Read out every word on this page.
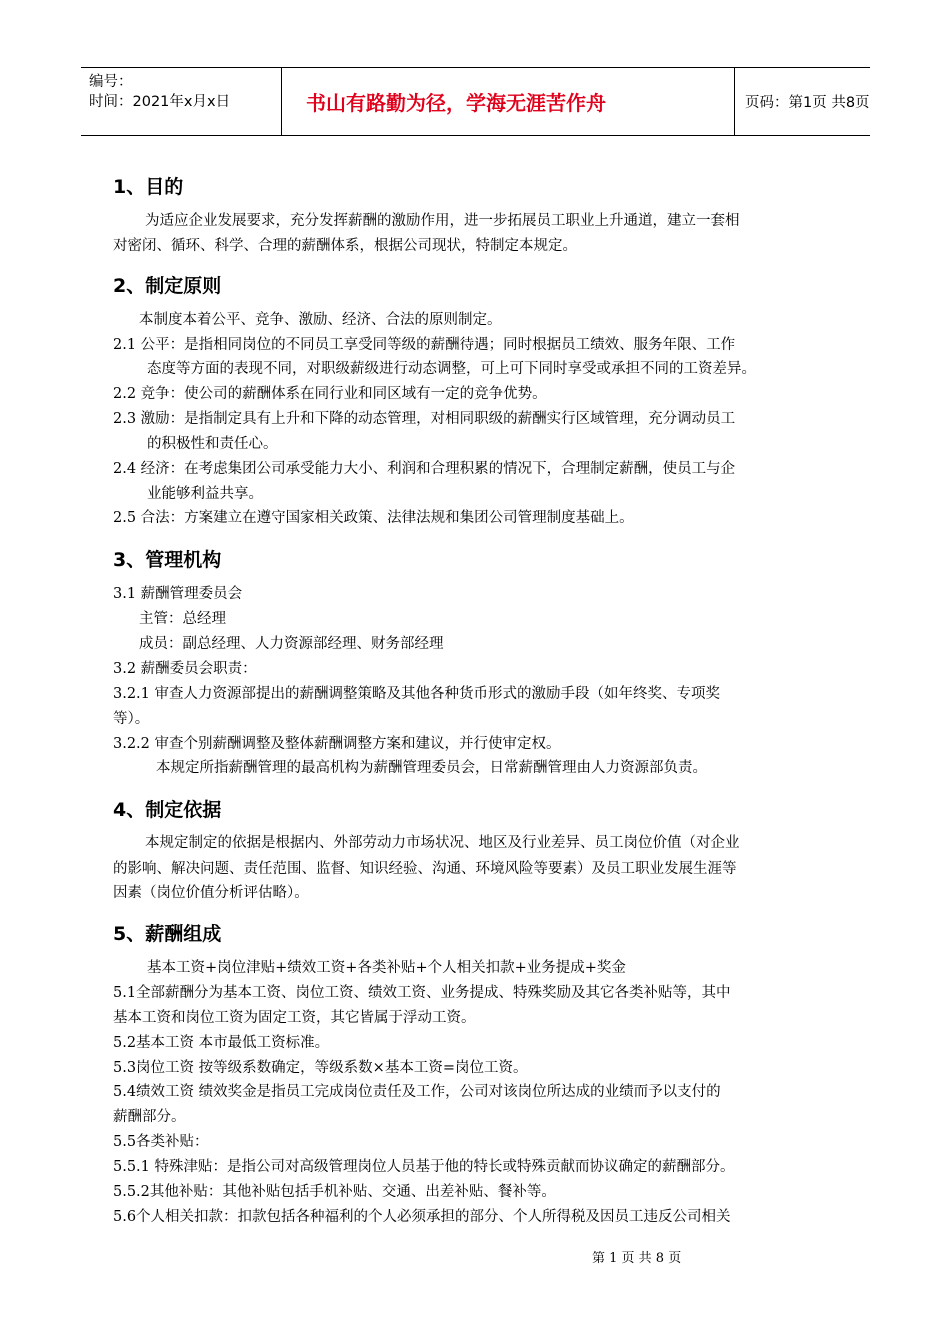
编号：
时间：2021年x月x日	书山有路勤为径，学海无涯苦作舟	页码：第1页 共8页
1、目的
为适应企业发展要求，充分发挥薪酬的激励作用，进一步拓展员工职业上升通道，建立一套相
对密闭、循环、科学、合理的薪酬体系，根据公司现状，特制定本规定。
2、制定原则
本制度本着公平、竞争、激励、经济、合法的原则制定。
2.1 公平：是指相同岗位的不同员工享受同等级的薪酬待遇；同时根据员工绩效、服务年限、工作
态度等方面的表现不同，对职级薪级进行动态调整，可上可下同时享受或承担不同的工资差异。
2.2 竞争：使公司的薪酬体系在同行业和同区域有一定的竞争优势。
2.3 激励：是指制定具有上升和下降的动态管理，对相同职级的薪酬实行区域管理，充分调动员工
的积极性和责任心。
2.4 经济：在考虑集团公司承受能力大小、利润和合理积累的情况下，合理制定薪酬，使员工与企
业能够利益共享。
2.5 合法：方案建立在遵守国家相关政策、法律法规和集团公司管理制度基础上。
3、管理机构
3.1 薪酬管理委员会
主管：总经理
成员：副总经理、人力资源部经理、财务部经理
3.2 薪酬委员会职责：
3.2.1 审查人力资源部提出的薪酬调整策略及其他各种货币形式的激励手段（如年终奖、专项奖
等）。
3.2.2 审查个别薪酬调整及整体薪酬调整方案和建议，并行使审定权。
本规定所指薪酬管理的最高机构为薪酬管理委员会，日常薪酬管理由人力资源部负责。
4、制定依据
本规定制定的依据是根据内、外部劳动力市场状况、地区及行业差异、员工岗位价值（对企业
的影响、解决问题、责任范围、监督、知识经验、沟通、环境风险等要素）及员工职业发展生涯等
因素（岗位价值分析评估略）。
5、薪酬组成
基本工资+岗位津贴+绩效工资+各类补贴+个人相关扣款+业务提成+奖金
5.1全部薪酬分为基本工资、岗位工资、绩效工资、业务提成、特殊奖励及其它各类补贴等，其中
基本工资和岗位工资为固定工资，其它皆属于浮动工资。
5.2基本工资 本市最低工资标准。
5.3岗位工资 按等级系数确定，等级系数×基本工资=岗位工资。
5.4绩效工资 绩效奖金是指员工完成岗位责任及工作，公司对该岗位所达成的业绩而予以支付的
薪酬部分。
5.5各类补贴：
5.5.1 特殊津贴：是指公司对高级管理岗位人员基于他的特长或特殊贡献而协议确定的薪酬部分。
5.5.2其他补贴：其他补贴包括手机补贴、交通、出差补贴、餐补等。
5.6个人相关扣款：扣款包括各种福利的个人必须承担的部分、个人所得税及因员工违反公司相关
第 1 页 共 8 页
